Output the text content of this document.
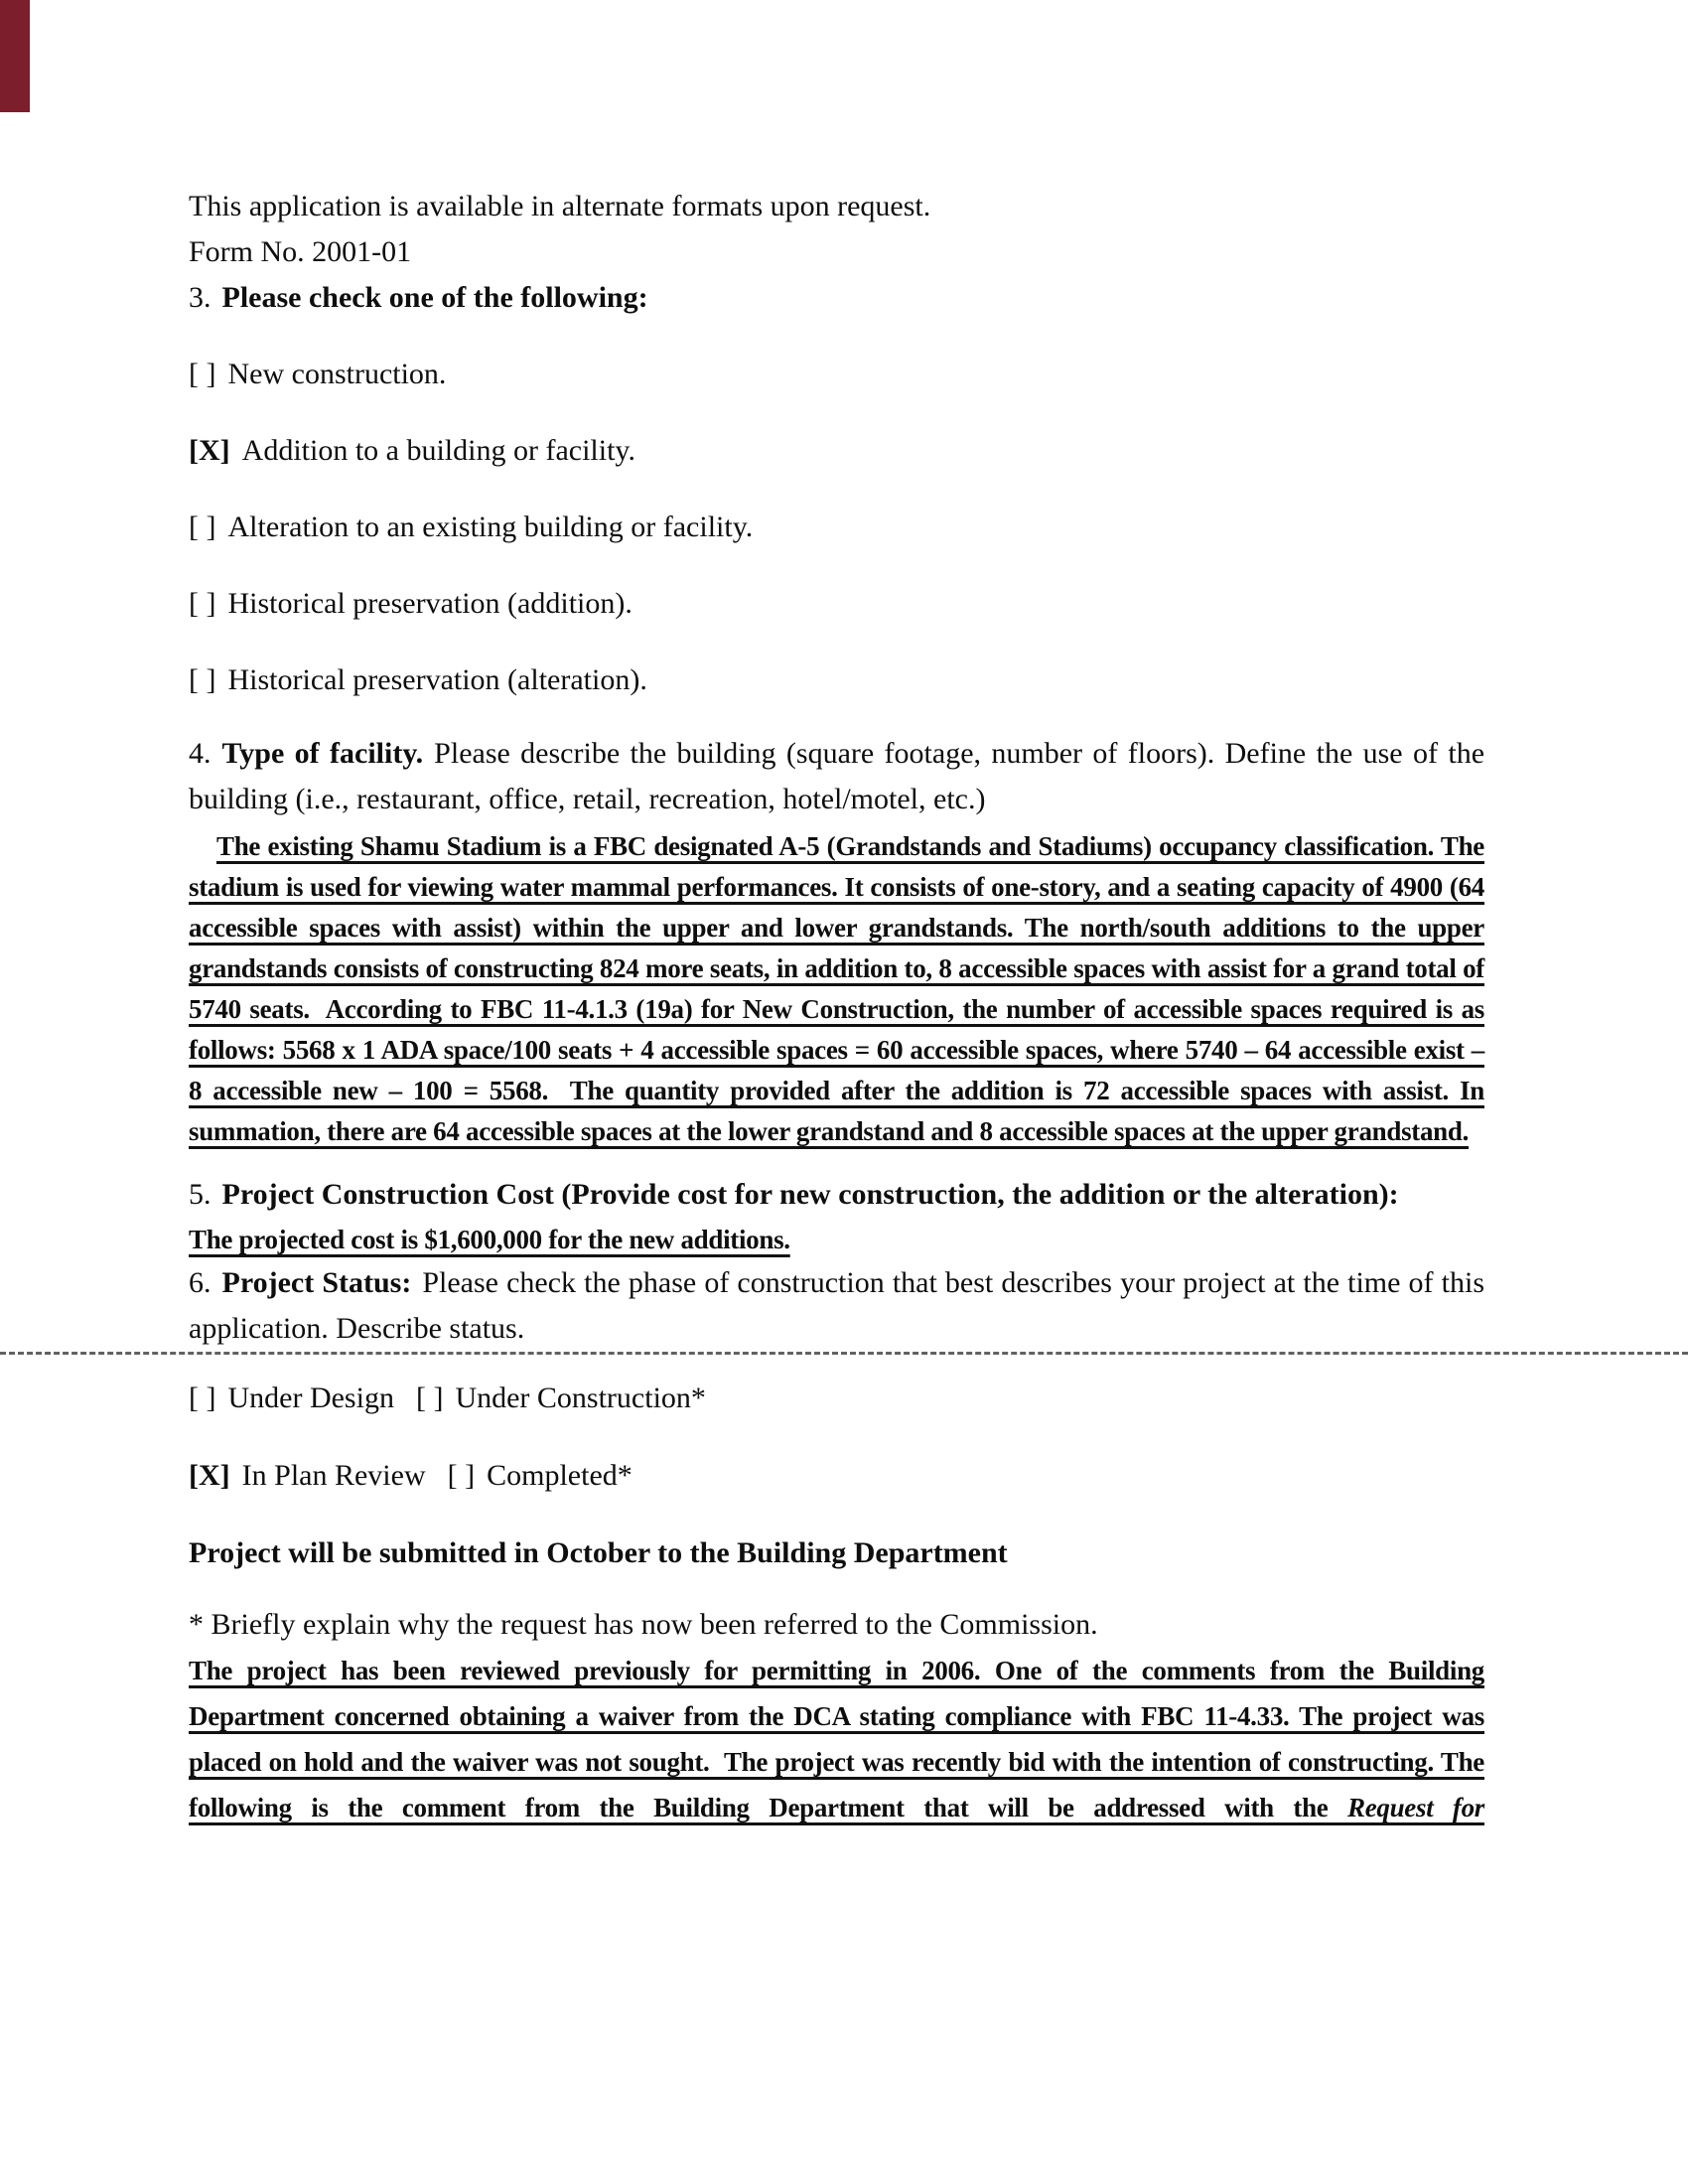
This application is available in alternate formats upon request.

Form No. 2001-01

3. Please check one of the following:

[ ] New construction.

[X] Addition to a building or facility.

[ ] Alteration to an existing building or facility.

[ ] Historical preservation (addition).

[ ] Historical preservation (alteration).

4. Type of facility. Please describe the building (square footage, number of floors). Define the use of the building (i.e., restaurant, office, retail, recreation, hotel/motel, etc.)

The existing Shamu Stadium is a FBC designated A-5 (Grandstands and Stadiums) occupancy classification. The stadium is used for viewing water mammal performances. It consists of one-story, and a seating capacity of 4900 (64 accessible spaces with assist) within the upper and lower grandstands. The north/south additions to the upper grandstands consists of constructing 824 more seats, in addition to, 8 accessible spaces with assist for a grand total of 5740 seats.  According to FBC 11-4.1.3 (19a) for New Construction, the number of accessible spaces required is as follows: 5568 x 1 ADA space/100 seats + 4 accessible spaces = 60 accessible spaces, where 5740 – 64 accessible exist – 8 accessible new – 100 = 5568.  The quantity provided after the addition is 72 accessible spaces with assist. In summation, there are 64 accessible spaces at the lower grandstand and 8 accessible spaces at the upper grandstand.

5. Project Construction Cost (Provide cost for new construction, the addition or the alteration):

The projected cost is $1,600,000 for the new additions.

6. Project Status: Please check the phase of construction that best describes your project at the time of this application. Describe status.

[ ] Under Design [ ] Under Construction*

[X] In Plan Review [ ] Completed*

Project will be submitted in October to the Building Department

* Briefly explain why the request has now been referred to the Commission.

The project has been reviewed previously for permitting in 2006. One of the comments from the Building Department concerned obtaining a waiver from the DCA stating compliance with FBC 11-4.33. The project was placed on hold and the waiver was not sought.  The project was recently bid with the intention of constructing. The following is the comment from the Building Department that will be addressed with the Request for
